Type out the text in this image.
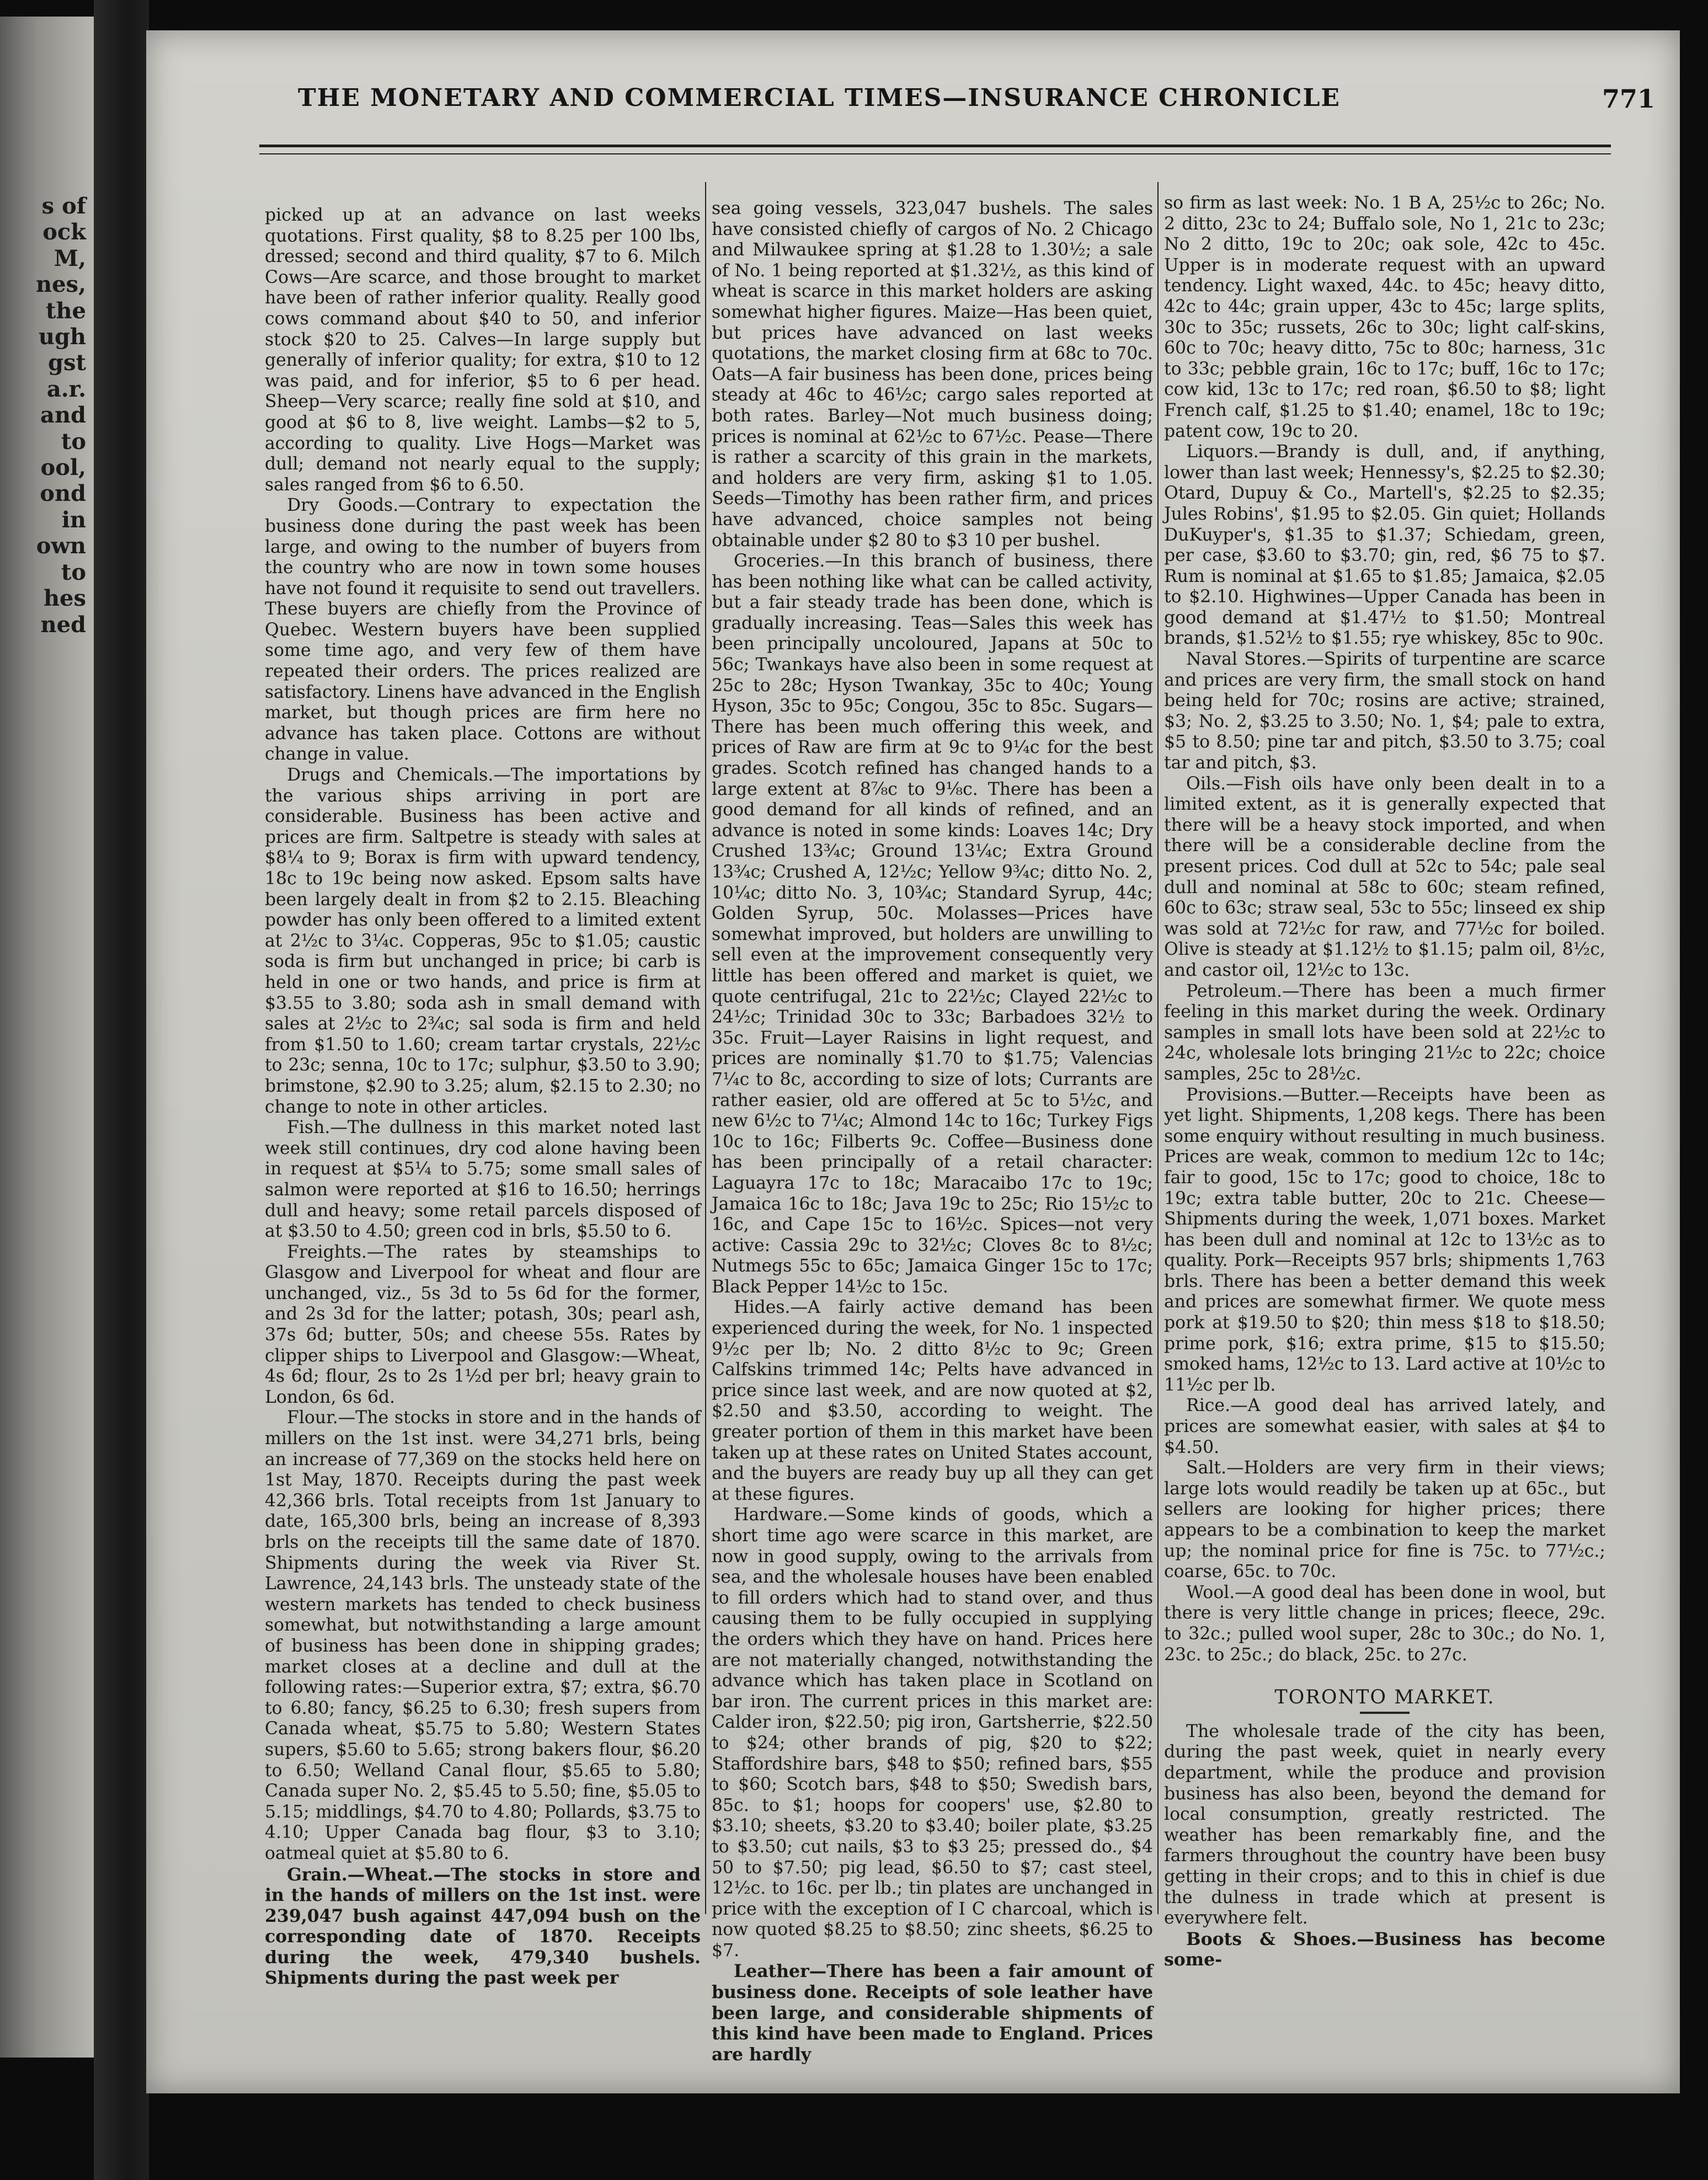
s of
ock
M,
nes,
the
ugh
gst
a.r.
and
to
ool,
ond
in
own
to
hes
ned
THE MONETARY AND COMMERCIAL TIMES—INSURANCE CHRONICLE	771

picked up at an advance on last weeks quotations. First quality, $8 to 8.25 per 100 lbs, dressed; second and third quality, $7 to 6. Milch Cows—Are scarce, and those brought to market have been of rather inferior quality. Really good cows command about $40 to 50, and inferior stock $20 to 25. Calves—In large supply but generally of inferior quality; for extra, $10 to 12 was paid, and for inferior, $5 to 6 per head. Sheep—Very scarce; really fine sold at $10, and good at $6 to 8, live weight. Lambs—$2 to 5, according to quality. Live Hogs—Market was dull; demand not nearly equal to the supply; sales ranged from $6 to 6.50.

Dry Goods.—Contrary to expectation the business done during the past week has been large, and owing to the number of buyers from the country who are now in town some houses have not found it requisite to send out travellers. These buyers are chiefly from the Province of Quebec. Western buyers have been supplied some time ago, and very few of them have repeated their orders. The prices realized are satisfactory. Linens have advanced in the English market, but though prices are firm here no advance has taken place. Cottons are without change in value.

Drugs and Chemicals.—The importations by the various ships arriving in port are considerable. Business has been active and prices are firm. Saltpetre is steady with sales at $8¼ to 9; Borax is firm with upward tendency, 18c to 19c being now asked. Epsom salts have been largely dealt in from $2 to 2.15. Bleaching powder has only been offered to a limited extent at 2½c to 3¼c. Copperas, 95c to $1.05; caustic soda is firm but unchanged in price; bi carb is held in one or two hands, and price is firm at $3.55 to 3.80; soda ash in small demand with sales at 2½c to 2¾c; sal soda is firm and held from $1.50 to 1.60; cream tartar crystals, 22½c to 23c; senna, 10c to 17c; sulphur, $3.50 to 3.90; brimstone, $2.90 to 3.25; alum, $2.15 to 2.30; no change to note in other articles.

Fish.—The dullness in this market noted last week still continues, dry cod alone having been in request at $5¼ to 5.75; some small sales of salmon were reported at $16 to 16.50; herrings dull and heavy; some retail parcels disposed of at $3.50 to 4.50; green cod in brls, $5.50 to 6.

Freights.—The rates by steamships to Glasgow and Liverpool for wheat and flour are unchanged, viz., 5s 3d to 5s 6d for the former, and 2s 3d for the latter; potash, 30s; pearl ash, 37s 6d; butter, 50s; and cheese 55s. Rates by clipper ships to Liverpool and Glasgow:—Wheat, 4s 6d; flour, 2s to 2s 1½d per brl; heavy grain to London, 6s 6d.

Flour.—The stocks in store and in the hands of millers on the 1st inst. were 34,271 brls, being an increase of 77,369 on the stocks held here on 1st May, 1870. Receipts during the past week 42,366 brls. Total receipts from 1st January to date, 165,300 brls, being an increase of 8,393 brls on the receipts till the same date of 1870. Shipments during the week via River St. Lawrence, 24,143 brls. The unsteady state of the western markets has tended to check business somewhat, but notwithstanding a large amount of business has been done in shipping grades; market closes at a decline and dull at the following rates:—Superior extra, $7; extra, $6.70 to 6.80; fancy, $6.25 to 6.30; fresh supers from Canada wheat, $5.75 to 5.80; Western States supers, $5.60 to 5.65; strong bakers flour, $6.20 to 6.50; Welland Canal flour, $5.65 to 5.80; Canada super No. 2, $5.45 to 5.50; fine, $5.05 to 5.15; middlings, $4.70 to 4.80; Pollards, $3.75 to 4.10; Upper Canada bag flour, $3 to 3.10; oatmeal quiet at $5.80 to 6.

Grain.—Wheat.—The stocks in store and in the hands of millers on the 1st inst. were 239,047 bush against 447,094 bush on the corresponding date of 1870. Receipts during the week, 479,340 bushels. Shipments during the past week per

sea going vessels, 323,047 bushels. The sales have consisted chiefly of cargos of No. 2 Chicago and Milwaukee spring at $1.28 to 1.30½; a sale of No. 1 being reported at $1.32½, as this kind of wheat is scarce in this market holders are asking somewhat higher figures. Maize—Has been quiet, but prices have advanced on last weeks quotations, the market closing firm at 68c to 70c. Oats—A fair business has been done, prices being steady at 46c to 46½c; cargo sales reported at both rates. Barley—Not much business doing; prices is nominal at 62½c to 67½c. Pease—There is rather a scarcity of this grain in the markets, and holders are very firm, asking $1 to 1.05. Seeds—Timothy has been rather firm, and prices have advanced, choice samples not being obtainable under $2 80 to $3 10 per bushel.

Groceries.—In this branch of business, there has been nothing like what can be called activity, but a fair steady trade has been done, which is gradually increasing. Teas—Sales this week has been principally uncoloured, Japans at 50c to 56c; Twankays have also been in some request at 25c to 28c; Hyson Twankay, 35c to 40c; Young Hyson, 35c to 95c; Congou, 35c to 85c. Sugars—There has been much offering this week, and prices of Raw are firm at 9c to 9¼c for the best grades. Scotch refined has changed hands to a large extent at 8⅞c to 9⅛c. There has been a good demand for all kinds of refined, and an advance is noted in some kinds: Loaves 14c; Dry Crushed 13¾c; Ground 13¼c; Extra Ground 13¾c; Crushed A, 12½c; Yellow 9¾c; ditto No. 2, 10¼c; ditto No. 3, 10¾c; Standard Syrup, 44c; Golden Syrup, 50c. Molasses—Prices have somewhat improved, but holders are unwilling to sell even at the improvement consequently very little has been offered and market is quiet, we quote centrifugal, 21c to 22½c; Clayed 22½c to 24½c; Trinidad 30c to 33c; Barbadoes 32½ to 35c. Fruit—Layer Raisins in light request, and prices are nominally $1.70 to $1.75; Valencias 7¼c to 8c, according to size of lots; Currants are rather easier, old are offered at 5c to 5½c, and new 6½c to 7¼c; Almond 14c to 16c; Turkey Figs 10c to 16c; Filberts 9c. Coffee—Business done has been principally of a retail character: Laguayra 17c to 18c; Maracaibo 17c to 19c; Jamaica 16c to 18c; Java 19c to 25c; Rio 15½c to 16c, and Cape 15c to 16½c. Spices—not very active: Cassia 29c to 32½c; Cloves 8c to 8½c; Nutmegs 55c to 65c; Jamaica Ginger 15c to 17c; Black Pepper 14½c to 15c.

Hides.—A fairly active demand has been experienced during the week, for No. 1 inspected 9½c per lb; No. 2 ditto 8½c to 9c; Green Calfskins trimmed 14c; Pelts have advanced in price since last week, and are now quoted at $2, $2.50 and $3.50, according to weight. The greater portion of them in this market have been taken up at these rates on United States account, and the buyers are ready buy up all they can get at these figures.

Hardware.—Some kinds of goods, which a short time ago were scarce in this market, are now in good supply, owing to the arrivals from sea, and the wholesale houses have been enabled to fill orders which had to stand over, and thus causing them to be fully occupied in supplying the orders which they have on hand. Prices here are not materially changed, notwithstanding the advance which has taken place in Scotland on bar iron. The current prices in this market are: Calder iron, $22.50; pig iron, Gartsherrie, $22.50 to $24; other brands of pig, $20 to $22; Staffordshire bars, $48 to $50; refined bars, $55 to $60; Scotch bars, $48 to $50; Swedish bars, 85c. to $1; hoops for coopers' use, $2.80 to $3.10; sheets, $3.20 to $3.40; boiler plate, $3.25 to $3.50; cut nails, $3 to $3 25; pressed do., $4 50 to $7.50; pig lead, $6.50 to $7; cast steel, 12½c. to 16c. per lb.; tin plates are unchanged in price with the exception of I C charcoal, which is now quoted $8.25 to $8.50; zinc sheets, $6.25 to $7.

Leather—There has been a fair amount of business done. Receipts of sole leather have been large, and considerable shipments of this kind have been made to England. Prices are hardly

so firm as last week: No. 1 B A, 25½c to 26c; No. 2 ditto, 23c to 24; Buffalo sole, No 1, 21c to 23c; No 2 ditto, 19c to 20c; oak sole, 42c to 45c. Upper is in moderate request with an upward tendency. Light waxed, 44c. to 45c; heavy ditto, 42c to 44c; grain upper, 43c to 45c; large splits, 30c to 35c; russets, 26c to 30c; light calf-skins, 60c to 70c; heavy ditto, 75c to 80c; harness, 31c to 33c; pebble grain, 16c to 17c; buff, 16c to 17c; cow kid, 13c to 17c; red roan, $6.50 to $8; light French calf, $1.25 to $1.40; enamel, 18c to 19c; patent cow, 19c to 20.

Liquors.—Brandy is dull, and, if anything, lower than last week; Hennessy's, $2.25 to $2.30; Otard, Dupuy & Co., Martell's, $2.25 to $2.35; Jules Robins', $1.95 to $2.05. Gin quiet; Hollands DuKuyper's, $1.35 to $1.37; Schiedam, green, per case, $3.60 to $3.70; gin, red, $6 75 to $7. Rum is nominal at $1.65 to $1.85; Jamaica, $2.05 to $2.10. Highwines—Upper Canada has been in good demand at $1.47½ to $1.50; Montreal brands, $1.52½ to $1.55; rye whiskey, 85c to 90c.

Naval Stores.—Spirits of turpentine are scarce and prices are very firm, the small stock on hand being held for 70c; rosins are active; strained, $3; No. 2, $3.25 to 3.50; No. 1, $4; pale to extra, $5 to 8.50; pine tar and pitch, $3.50 to 3.75; coal tar and pitch, $3.

Oils.—Fish oils have only been dealt in to a limited extent, as it is generally expected that there will be a heavy stock imported, and when there will be a considerable decline from the present prices. Cod dull at 52c to 54c; pale seal dull and nominal at 58c to 60c; steam refined, 60c to 63c; straw seal, 53c to 55c; linseed ex ship was sold at 72½c for raw, and 77½c for boiled. Olive is steady at $1.12½ to $1.15; palm oil, 8½c, and castor oil, 12½c to 13c.

Petroleum.—There has been a much firmer feeling in this market during the week. Ordinary samples in small lots have been sold at 22½c to 24c, wholesale lots bringing 21½c to 22c; choice samples, 25c to 28½c.

Provisions.—Butter.—Receipts have been as yet light. Shipments, 1,208 kegs. There has been some enquiry without resulting in much business. Prices are weak, common to medium 12c to 14c; fair to good, 15c to 17c; good to choice, 18c to 19c; extra table butter, 20c to 21c. Cheese—Shipments during the week, 1,071 boxes. Market has been dull and nominal at 12c to 13½c as to quality. Pork—Receipts 957 brls; shipments 1,763 brls. There has been a better demand this week and prices are somewhat firmer. We quote mess pork at $19.50 to $20; thin mess $18 to $18.50; prime pork, $16; extra prime, $15 to $15.50; smoked hams, 12½c to 13. Lard active at 10½c to 11½c per lb.

Rice.—A good deal has arrived lately, and prices are somewhat easier, with sales at $4 to $4.50.

Salt.—Holders are very firm in their views; large lots would readily be taken up at 65c., but sellers are looking for higher prices; there appears to be a combination to keep the market up; the nominal price for fine is 75c. to 77½c.; coarse, 65c. to 70c.

Wool.—A good deal has been done in wool, but there is very little change in prices; fleece, 29c. to 32c.; pulled wool super, 28c to 30c.; do No. 1, 23c. to 25c.; do black, 25c. to 27c.

TORONTO MARKET.

The wholesale trade of the city has been, during the past week, quiet in nearly every department, while the produce and provision business has also been, beyond the demand for local consumption, greatly restricted. The weather has been remarkably fine, and the farmers throughout the country have been busy getting in their crops; and to this in chief is due the dulness in trade which at present is everywhere felt.

Boots & Shoes.—Business has become some-
